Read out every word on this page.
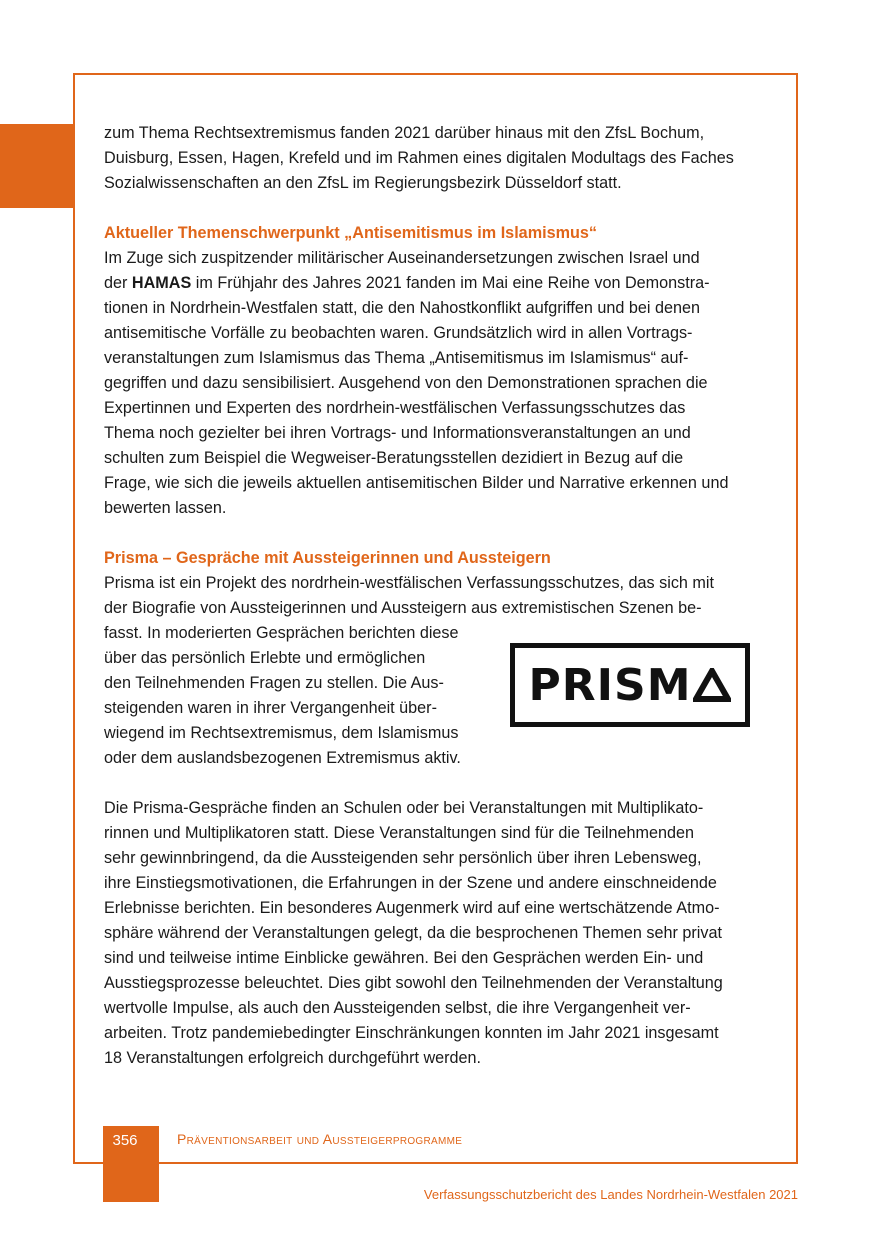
zum Thema Rechtsextremismus fanden 2021 darüber hinaus mit den ZfsL Bochum,

Duisburg, Essen, Hagen, Krefeld und im Rahmen eines digitalen Modultags des Faches

Sozialwissenschaften an den ZfsL im Regierungsbezirk Düsseldorf statt.

Aktueller Themenschwerpunkt „Antisemitismus im Islamismus“

Im Zuge sich zuspitzender militärischer Auseinandersetzungen zwischen Israel und

der HAMAS im Frühjahr des Jahres 2021 fanden im Mai eine Reihe von Demonstra-

tionen in Nordrhein-Westfalen statt, die den Nahostkonflikt aufgriffen und bei denen

antisemitische Vorfälle zu beobachten waren. Grundsätzlich wird in allen Vortrags-

veranstaltungen zum Islamismus das Thema „Antisemitismus im Islamismus“ auf-

gegriffen und dazu sensibilisiert. Ausgehend von den Demonstrationen sprachen die

Expertinnen und Experten des nordrhein-westfälischen Verfassungsschutzes das

Thema noch gezielter bei ihren Vortrags- und Informationsveranstaltungen an und

schulten zum Beispiel die Wegweiser-Beratungsstellen dezidiert in Bezug auf die

Frage, wie sich die jeweils aktuellen antisemitischen Bilder und Narrative erkennen und

bewerten lassen.

Prisma – Gespräche mit Aussteigerinnen und Aussteigern

Prisma ist ein Projekt des nordrhein-westfälischen Verfassungsschutzes, das sich mit

der Biografie von Aussteigerinnen und Aussteigern aus extremistischen Szenen be-

fasst. In moderierten Gesprächen berichten diese

über das persönlich Erlebte und ermöglichen

den Teilnehmenden Fragen zu stellen. Die Aus-

steigenden waren in ihrer Vergangenheit über-

wiegend im Rechtsextremismus, dem Islamismus

oder dem auslandsbezogenen Extremismus aktiv.

PRISM

Die Prisma-Gespräche finden an Schulen oder bei Veranstaltungen mit Multiplikato-

rinnen und Multiplikatoren statt. Diese Veranstaltungen sind für die Teilnehmenden

sehr gewinnbringend, da die Aussteigenden sehr persönlich über ihren Lebensweg,

ihre Einstiegsmotivationen, die Erfahrungen in der Szene und andere einschneidende

Erlebnisse berichten. Ein besonderes Augenmerk wird auf eine wertschätzende Atmo-

sphäre während der Veranstaltungen gelegt, da die besprochenen Themen sehr privat

sind und teilweise intime Einblicke gewähren. Bei den Gesprächen werden Ein- und

Ausstiegsprozesse beleuchtet. Dies gibt sowohl den Teilnehmenden der Veranstaltung

wertvolle Impulse, als auch den Aussteigenden selbst, die ihre Vergangenheit ver-

arbeiten. Trotz pandemiebedingter Einschränkungen konnten im Jahr 2021 insgesamt

18 Veranstaltungen erfolgreich durchgeführt werden.

356	Präventionsarbeit und Aussteigerprogramme
Verfassungsschutzbericht des Landes Nordrhein-Westfalen 2021
